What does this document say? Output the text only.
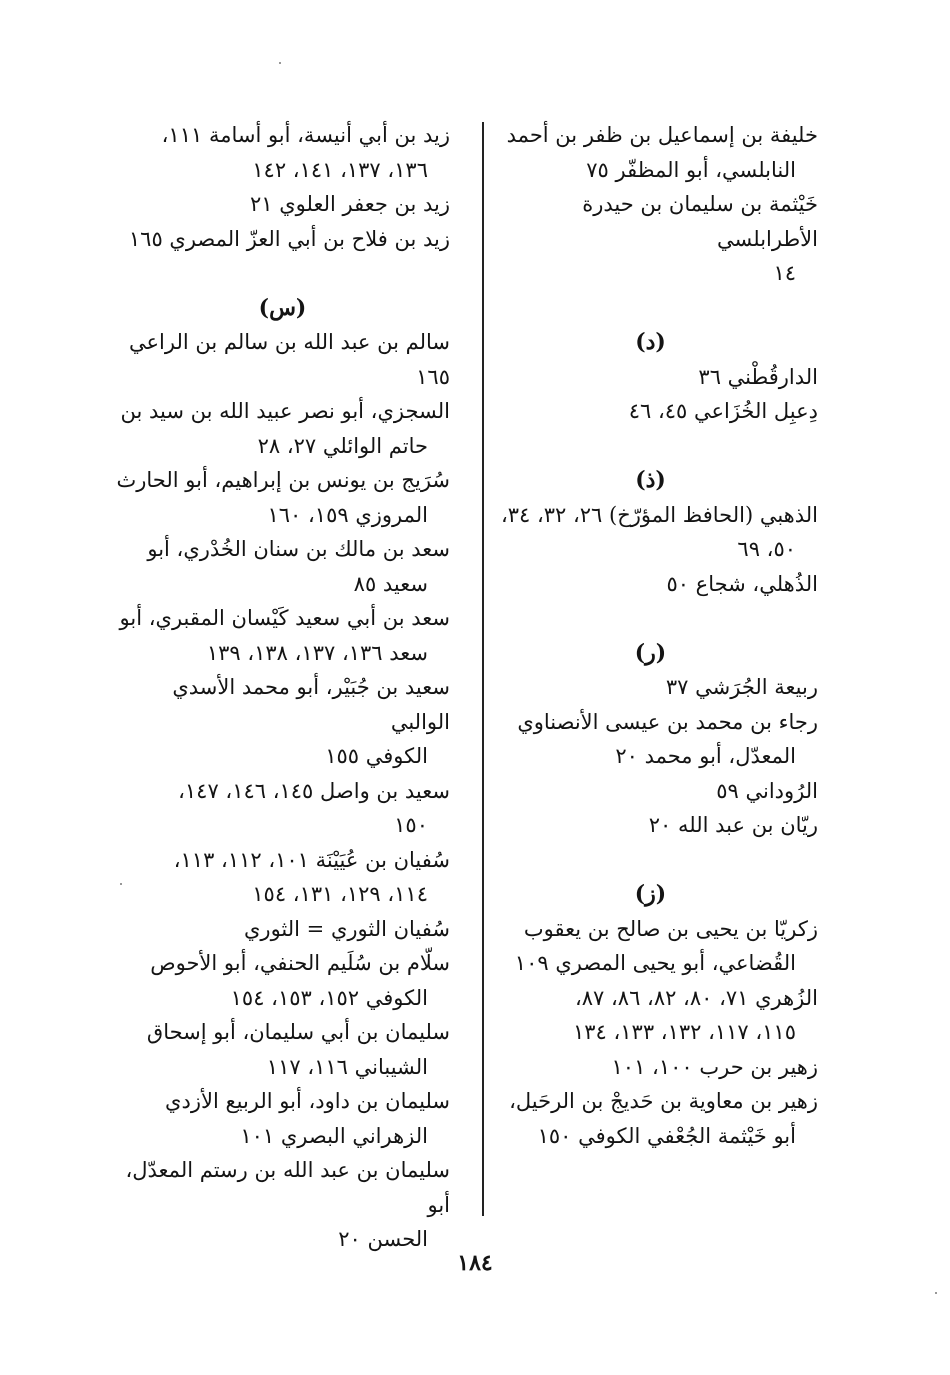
خليفة بن إسماعيل بن ظفر بن أحمد
النابلسي، أبو المظفّر ٧٥
خَيْثمة بن سليمان بن حيدرة الأطرابلسي
١٤
(د)
الدارقُطْني ٣٦
دِعبِل الخُزَاعي ٤٥، ٤٦
(ذ)
الذهبي (الحافظ المؤرّخ) ٢٦، ٣٢، ٣٤،
٥٠، ٦٩
الذُهلي، شجاع ٥٠
(ر)
ربيعة الجُرَشي ٣٧
رجاء بن محمد بن عيسى الأنصناوي
المعدّل، أبو محمد ٢٠
الرُوداني ٥٩
ريّان بن عبد الله ٢٠
(ز)
زكريّا بن يحيى بن صالح بن يعقوب
القُضاعي، أبو يحيى المصري ١٠٩
الزُهري ٧١، ٨٠، ٨٢، ٨٦، ٨٧،
١١٥، ١١٧، ١٣٢، ١٣٣، ١٣٤
زهير بن حرب ١٠٠، ١٠١
زهير بن معاوية بن حَديجْ بن الرحَيل،
أبو خَيْثمة الجُعْفي الكوفي ١٥٠
زيد بن أبي أنيسة، أبو أسامة ١١١،
١٣٦، ١٣٧، ١٤١، ١٤٢
زيد بن جعفر العلوي ٢١
زيد بن فلاح بن أبي العزّ المصري ١٦٥
(س)
سالم بن عبد الله بن سالم بن الراعي ١٦٥
السجزي، أبو نصر عبيد الله بن سيد بن
حاتم الوائلي ٢٧، ٢٨
سُرَيج بن يونس بن إبراهيم، أبو الحارث
المروزي ١٥٩، ١٦٠
سعد بن مالك بن سنان الخُدْري، أبو
سعيد ٨٥
سعد بن أبي سعيد كَيْسان المقبري، أبو
سعد ١٣٦، ١٣٧، ١٣٨، ١٣٩
سعيد بن جُبَيْر، أبو محمد الأسدي الوالبي
الكوفي ١٥٥
سعيد بن واصل ١٤٥، ١٤٦، ١٤٧،
١٥٠
سُفيان بن عُيَيْنَة ١٠١، ١١٢، ١١٣،
١١٤، ١٢٩، ١٣١، ١٥٤
سُفيان الثوري = الثوري
سلّام بن سُلَيم الحنفي، أبو الأحوص
الكوفي ١٥٢، ١٥٣، ١٥٤
سليمان بن أبي سليمان، أبو إسحاق
الشيباني ١١٦، ١١٧
سليمان بن داود، أبو الربيع الأزدي
الزهراني البصري ١٠١
سليمان بن عبد الله بن رستم المعدّل، أبو
الحسن ٢٠
١٨٤
